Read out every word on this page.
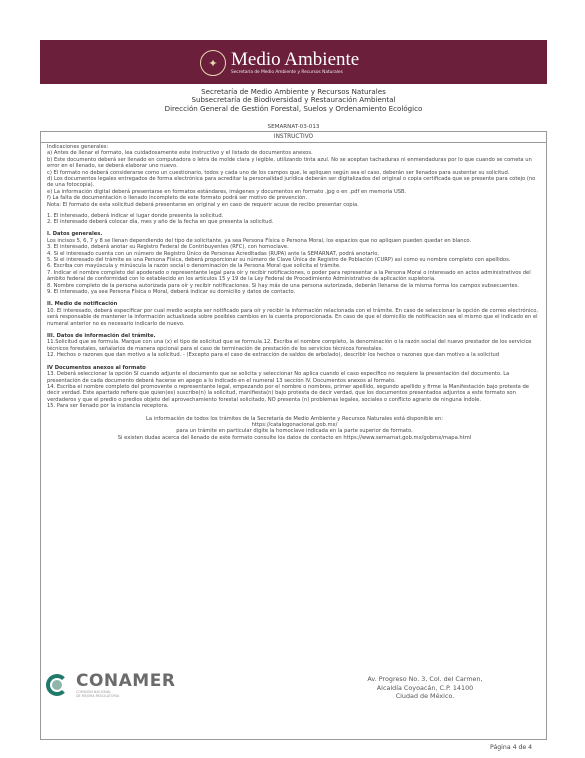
✦ Medio Ambiente
Secretaría de Medio Ambiente y Recursos Naturales
Secretaría de Medio Ambiente y Recursos Naturales
Subsecretaría de Biodiversidad y Restauración Ambiental
Dirección General de Gestión Forestal, Suelos y Ordenamiento Ecológico
SEMARNAT-03-013
INSTRUCTIVO

Indicaciones generales:

a) Antes de llenar el formato, lea cuidadosamente este instructivo y el listado de documentos anexos.

b) Este documento deberá ser llenado en computadora o letra de molde clara y legible, utilizando tinta azul. No se aceptan tachaduras ni enmendaduras por lo que cuando se cometa un error en el llenado, se deberá elaborar uno nuevo.

c) El formato no deberá considerarse como un cuestionario, todos y cada uno de los campos que, le apliquen según sea el caso, deberán ser llenados para sustentar su solicitud.

d) Los documentos legales entregados de forma electrónica para acreditar la personalidad jurídica deberán ser digitalizados del original o copia certificada que se presente para cotejo (no de una fotocopia).

e) La información digital deberá presentarse en formatos estándares, imágenes y documentos en formato .jpg o en .pdf en memoria USB.

f) La falta de documentación o llenado incompleto de este formato podrá ser motivo de prevención.

Nota: El formato de esta solicitud deberá presentarse en original y en caso de requerir acuse de recibo presentar copia.

1. El interesado, deberá indicar el lugar donde presenta la solicitud.

2. El interesado deberá colocar día, mes y año de la fecha en que presenta la solicitud.

I. Datos generales.

Los incisos 5, 6, 7 y 8 se llenan dependiendo del tipo de solicitante, ya sea Persona Física o Persona Moral, los espacios que no apliquen pueden quedar en blanco.

3. El interesado, deberá anotar su Registro Federal de Contribuyentes (RFC), con homoclave.

4. Si el interesado cuenta con un número de Registro Único de Personas Acreditadas (RUPA) ante la SEMARNAT, podrá anotarlo.

5. Si el interesado del trámite es una Persona Física, deberá proporcionar su número de Clave Única de Registro de Población (CURP) así como su nombre completo con apellidos.

6. Escriba con mayúscula y minúscula la razón social o denominación de la Persona Moral que solicita el trámite.

7. Indicar el nombre completo del apoderado o representante legal para oír y recibir notificaciones, o poder para representar a la Persona Moral o interesado en actos administrativos del ámbito federal de conformidad con lo establecido en los artículos 15 y 19 de la Ley Federal de Procedimiento Administrativo de aplicación supletoria.

8. Nombre completo de la persona autorizada para oír y recibir notificaciones. Si hay más de una persona autorizada, deberán llenarse de la misma forma los campos subsecuentes.

9. El interesado, ya sea Persona Física o Moral, deberá indicar su domicilio y datos de contacto.

II. Medio de notificación

10. El interesado, deberá especificar por cual medio acepta ser notificado para oír y recibir la información relacionada con el trámite. En caso de seleccionar la opción de correo electrónico, será responsable de mantener la información actualizada sobre posibles cambios en la cuenta proporcionada. En caso de que el domicilio de notificación sea el mismo que el indicado en el numeral anterior no es necesario indicarlo de nuevo.

III. Datos de información del trámite.

11.Solicitud que se formula. Marque con una (x) el tipo de solicitud que se formula.12. Escriba el nombre completo, la denominación o la razón social del nuevo prestador de los servicios técnicos forestales, señalarlos de manera opcional para el caso de terminación de prestación de los servicios técnicos forestales.

12. Hechos o razones que dan motivo a la solicitud. - (Excepto para el caso de extracción de saldos de arbolado), describir los hechos o razones que dan motivo a la solicitud

IV Documentos anexos al formato

13. Deberá seleccionar la opción SI cuando adjunte el documento que se solicita y seleccionar No aplica cuando el caso específico no requiere la presentación del documento. La presentación de cada documento deberá hacerse en apego a lo indicado en el numeral 13 sección IV. Documentos anexos al formato.

14. Escriba el nombre completo del promovente o representante legal, empezando por el nombre o nombres, primer apellido, segundo apellido y firme la Manifestación bajo protesta de decir verdad. Este apartado refiere que quien(es) suscribe(n) la solicitud, manifiesta(n) bajo protesta de decir verdad, que los documentos presentados adjuntos a este formato son verdaderos y que el predio o predios objeto del aprovechamiento forestal solicitado, NO presenta (n) problemas legales, sociales o conflicto agrario de ninguna índole.

15. Para ser llenado por la instancia receptora.

La información de todos los trámites de la Secretaría de Medio Ambiente y Recursos Naturales está disponible en:

https://catalogonacional.gob.mx/

para un trámite en particular digite la homoclave indicada en la parte superior de formato.

Si existen dudas acerca del llenado de este formato consulte los datos de contacto en https://www.semarnat.gob.mx/gobmx/mapa.html

CONAMER
COMISIÓN NACIONAL
DE MEJORA REGULATORIA
Av. Progreso No. 3, Col. del Carmen,
Alcaldía Coyoacán, C.P. 14100
Ciudad de México.
Página 4 de 4
